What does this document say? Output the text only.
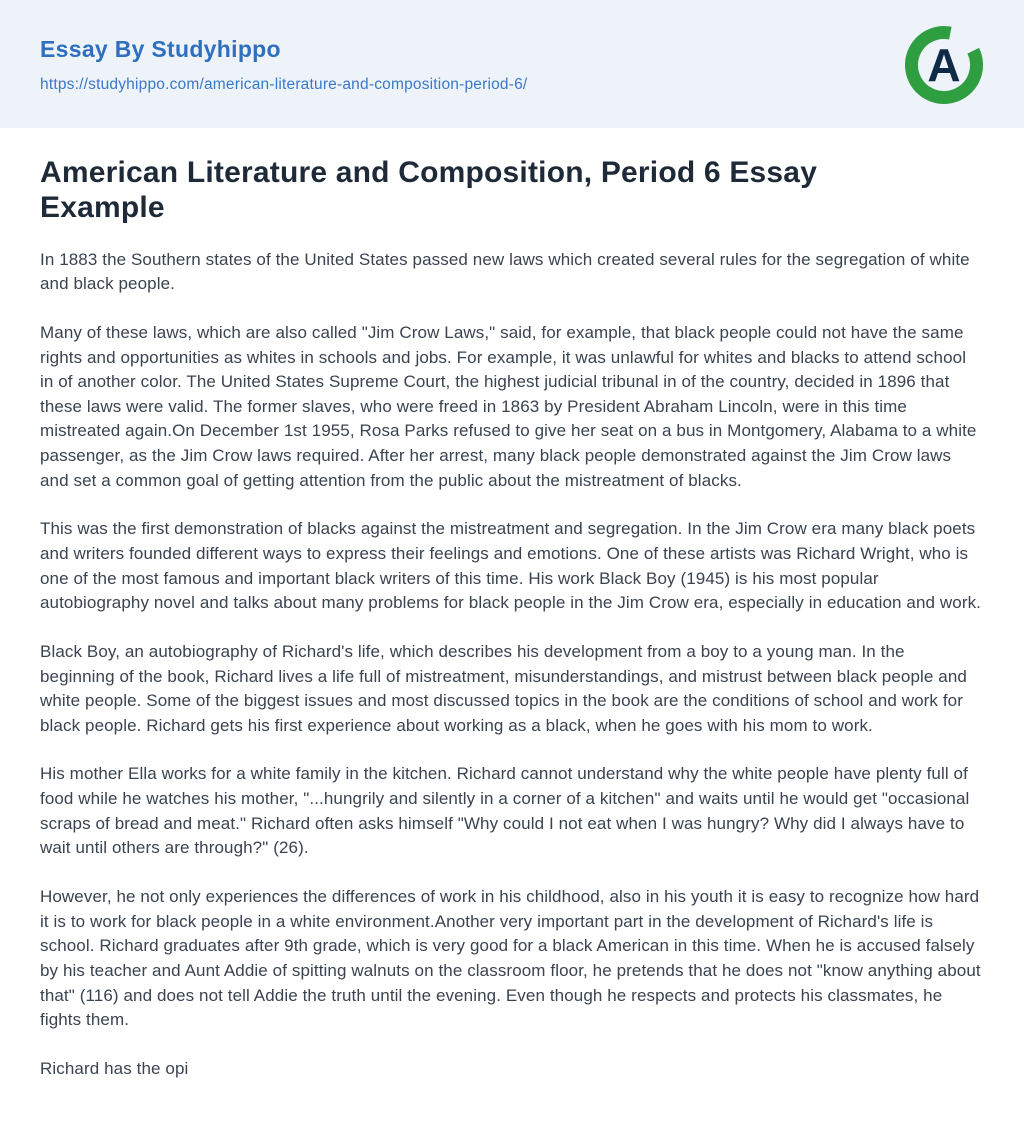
Essay By Studyhippo
https://studyhippo.com/american-literature-and-composition-period-6/	A
American Literature and Composition, Period 6 Essay Example

In 1883 the Southern states of the United States passed new laws which created several rules for the segregation of white and black people.

Many of these laws, which are also called "Jim Crow Laws," said, for example, that black people could not have the same rights and opportunities as whites in schools and jobs. For example, it was unlawful for whites and blacks to attend school in of another color. The United States Supreme Court, the highest judicial tribunal in of the country, decided in 1896 that these laws were valid. The former slaves, who were freed in 1863 by President Abraham Lincoln, were in this time mistreated again.On December 1st 1955, Rosa Parks refused to give her seat on a bus in Montgomery, Alabama to a white passenger, as the Jim Crow laws required. After her arrest, many black people demonstrated against the Jim Crow laws and set a common goal of getting attention from the public about the mistreatment of blacks.

This was the first demonstration of blacks against the mistreatment and segregation. In the Jim Crow era many black poets and writers founded different ways to express their feelings and emotions. One of these artists was Richard Wright, who is one of the most famous and important black writers of this time. His work Black Boy (1945) is his most popular autobiography novel and talks about many problems for black people in the Jim Crow era, especially in education and work.

Black Boy, an autobiography of Richard's life, which describes his development from a boy to a young man. In the beginning of the book, Richard lives a life full of mistreatment, misunderstandings, and mistrust between black people and white people. Some of the biggest issues and most discussed topics in the book are the conditions of school and work for black people. Richard gets his first experience about working as a black, when he goes with his mom to work.

His mother Ella works for a white family in the kitchen. Richard cannot understand why the white people have plenty full of food while he watches his mother, "...hungrily and silently in a corner of a kitchen" and waits until he would get "occasional scraps of bread and meat." Richard often asks himself "Why could I not eat when I was hungry? Why did I always have to wait until others are through?" (26).

However, he not only experiences the differences of work in his childhood, also in his youth it is easy to recognize how hard it is to work for black people in a white environment.Another very important part in the development of Richard's life is school. Richard graduates after 9th grade, which is very good for a black American in this time. When he is accused falsely by his teacher and Aunt Addie of spitting walnuts on the classroom floor, he pretends that he does not "know anything about that" (116) and does not tell Addie the truth until the evening. Even though he respects and protects his classmates, he fights them.

Richard has the opi
